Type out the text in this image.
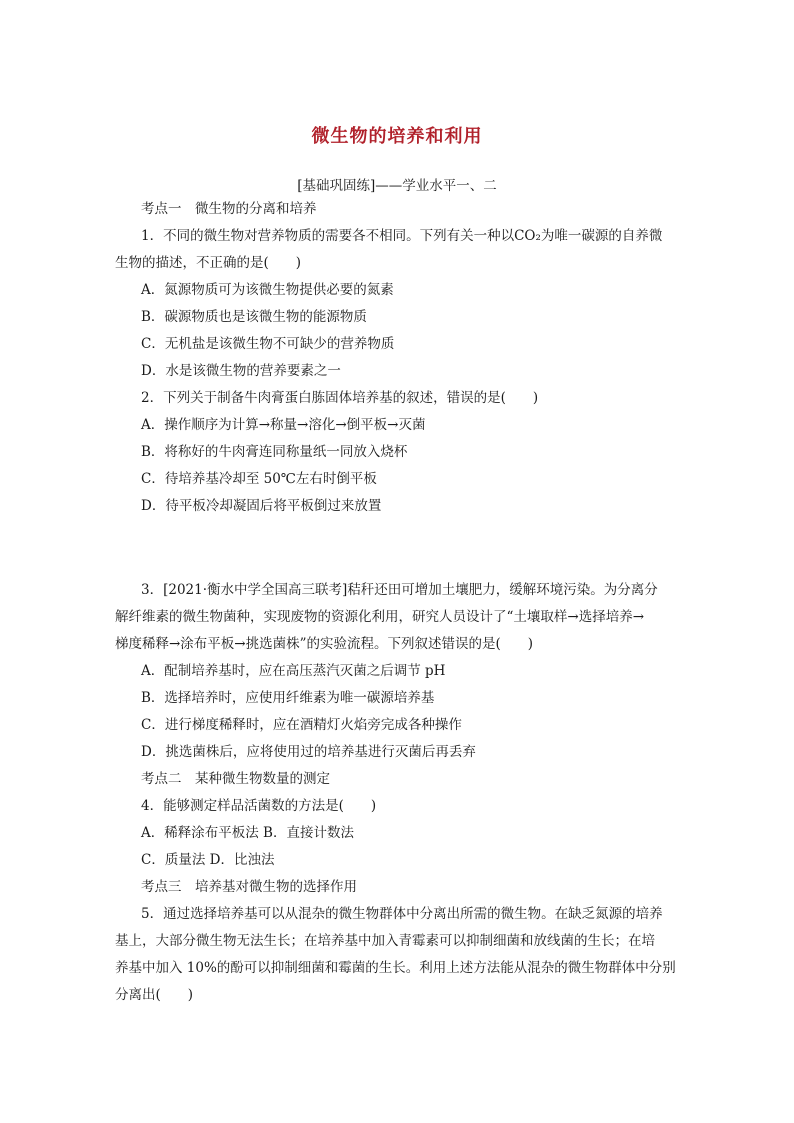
微生物的培养和利用
[基础巩固练]——学业水平一、二
考点一　微生物的分离和培养
1．不同的微生物对营养物质的需要各不相同。下列有关一种以CO₂为唯一碳源的自养微
生物的描述，不正确的是(　　)
A．氮源物质可为该微生物提供必要的氮素
B．碳源物质也是该微生物的能源物质
C．无机盐是该微生物不可缺少的营养物质
D．水是该微生物的营养要素之一
2．下列关于制备牛肉膏蛋白胨固体培养基的叙述，错误的是(　　)
A．操作顺序为计算→称量→溶化→倒平板→灭菌
B．将称好的牛肉膏连同称量纸一同放入烧杯
C．待培养基冷却至 50℃左右时倒平板
D．待平板冷却凝固后将平板倒过来放置
3．[2021·衡水中学全国高三联考]秸秆还田可增加土壤肥力，缓解环境污染。为分离分
解纤维素的微生物菌种，实现废物的资源化利用，研究人员设计了“土壤取样→选择培养→
梯度稀释→涂布平板→挑选菌株”的实验流程。下列叙述错误的是(　　)
A．配制培养基时，应在高压蒸汽灭菌之后调节 pH
B．选择培养时，应使用纤维素为唯一碳源培养基
C．进行梯度稀释时，应在酒精灯火焰旁完成各种操作
D．挑选菌株后，应将使用过的培养基进行灭菌后再丢弃
考点二　某种微生物数量的测定
4．能够测定样品活菌数的方法是(　　)
A．稀释涂布平板法 B．直接计数法
C．质量法 D．比浊法
考点三　培养基对微生物的选择作用
5．通过选择培养基可以从混杂的微生物群体中分离出所需的微生物。在缺乏氮源的培养
基上，大部分微生物无法生长；在培养基中加入青霉素可以抑制细菌和放线菌的生长；在培
养基中加入 10%的酚可以抑制细菌和霉菌的生长。利用上述方法能从混杂的微生物群体中分别
分离出(　　)
